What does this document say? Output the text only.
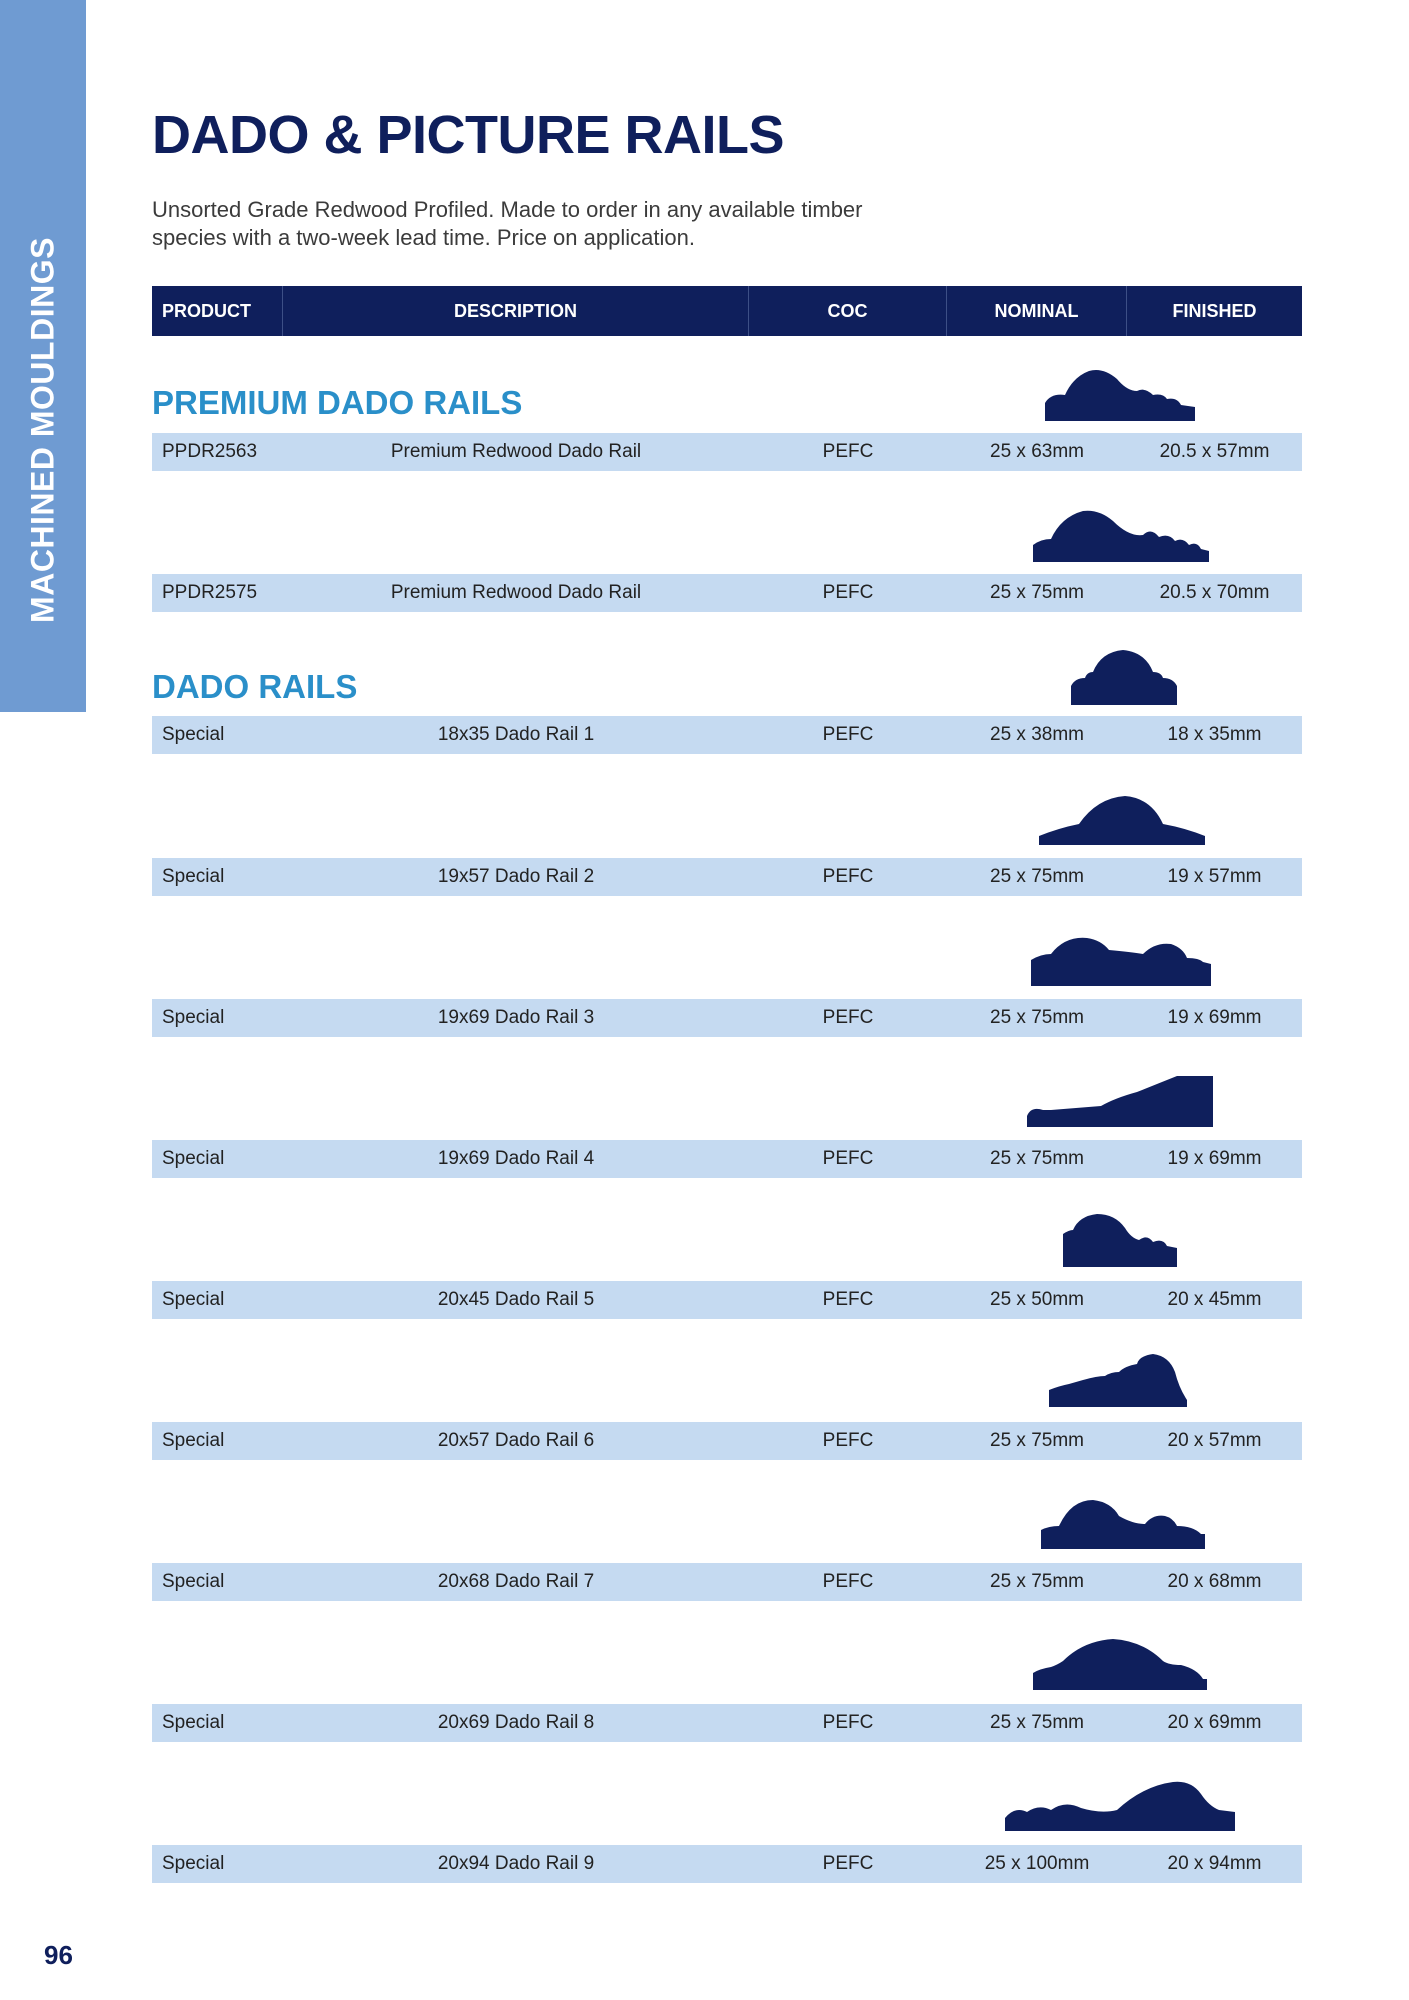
MACHINED MOULDINGS
DADO & PICTURE RAILS

Unsorted Grade Redwood Profiled. Made to order in any available timber species with a two-week lead time. Price on application.

PRODUCT	DESCRIPTION	COC	NOMINAL	FINISHED
PREMIUM DADO RAILS
PPDR2563	Premium Redwood Dado Rail	PEFC	25 x 63mm	20.5 x 57mm
PPDR2575	Premium Redwood Dado Rail	PEFC	25 x 75mm	20.5 x 70mm
DADO RAILS
Special	18x35 Dado Rail 1	PEFC	25 x 38mm	18 x 35mm
Special	19x57 Dado Rail 2	PEFC	25 x 75mm	19 x 57mm
Special	19x69 Dado Rail 3	PEFC	25 x 75mm	19 x 69mm
Special	19x69 Dado Rail 4	PEFC	25 x 75mm	19 x 69mm
Special	20x45 Dado Rail 5	PEFC	25 x 50mm	20 x 45mm
Special	20x57 Dado Rail 6	PEFC	25 x 75mm	20 x 57mm
Special	20x68 Dado Rail 7	PEFC	25 x 75mm	20 x 68mm
Special	20x69 Dado Rail 8	PEFC	25 x 75mm	20 x 69mm
Special	20x94 Dado Rail 9	PEFC	25 x 100mm	20 x 94mm
96
